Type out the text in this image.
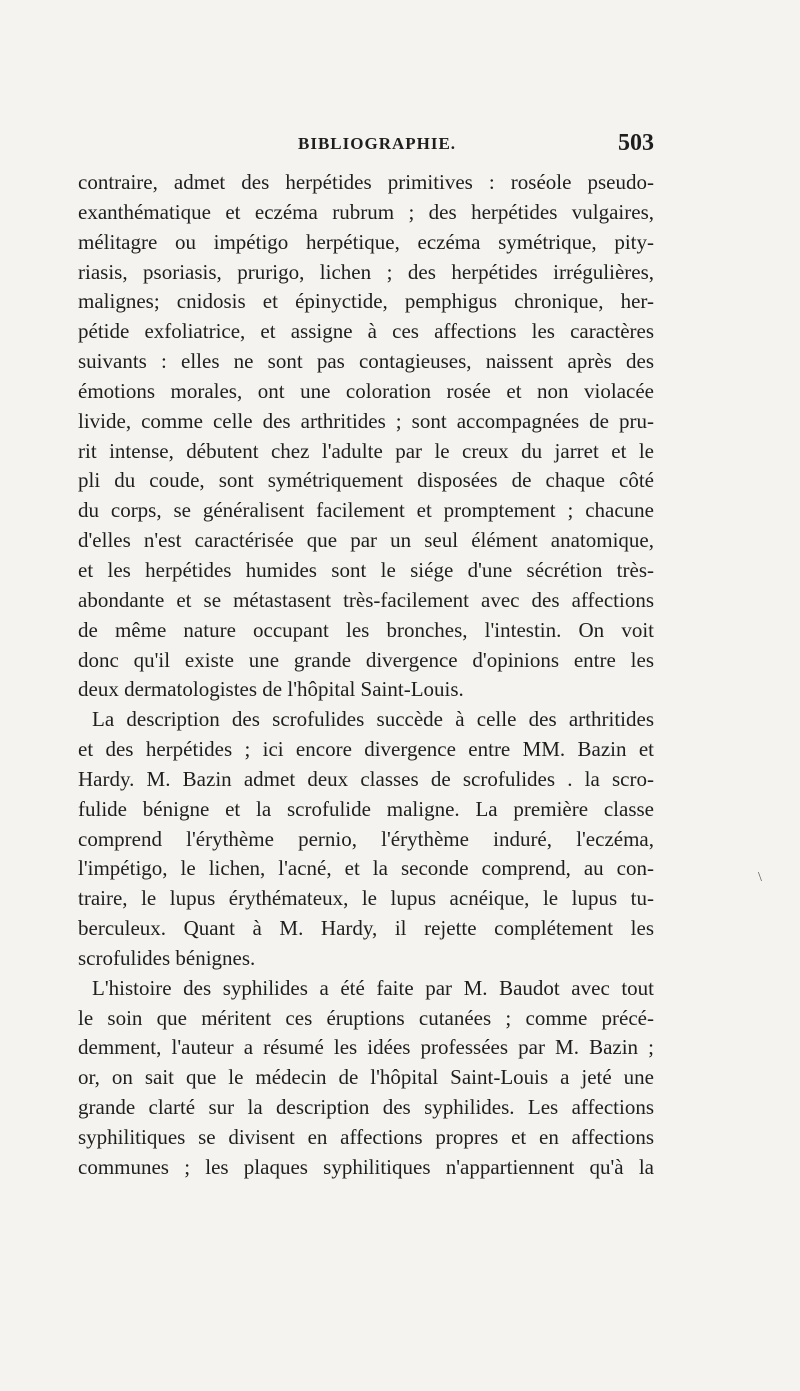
BIBLIOGRAPHIE.	503
contraire, admet des herpétides primitives : roséole pseudo-
exanthématique et eczéma rubrum ; des herpétides vulgaires,
mélitagre ou impétigo herpétique, eczéma symétrique, pity-
riasis, psoriasis, prurigo, lichen ; des herpétides irrégulières,
malignes; cnidosis et épinyctide, pemphigus chronique, her-
pétide exfoliatrice, et assigne à ces affections les caractères
suivants : elles ne sont pas contagieuses, naissent après des
émotions morales, ont une coloration rosée et non violacée
livide, comme celle des arthritides ; sont accompagnées de pru-
rit intense, débutent chez l'adulte par le creux du jarret et le
pli du coude, sont symétriquement disposées de chaque côté
du corps, se généralisent facilement et promptement ; chacune
d'elles n'est caractérisée que par un seul élément anatomique,
et les herpétides humides sont le siége d'une sécrétion très-
abondante et se métastasent très-facilement avec des affections
de même nature occupant les bronches, l'intestin. On voit
donc qu'il existe une grande divergence d'opinions entre les
deux dermatologistes de l'hôpital Saint-Louis.
La description des scrofulides succède à celle des arthritides
et des herpétides ; ici encore divergence entre MM. Bazin et
Hardy. M. Bazin admet deux classes de scrofulides . la scro-
fulide bénigne et la scrofulide maligne. La première classe
comprend l'érythème pernio, l'érythème induré, l'eczéma,
l'impétigo, le lichen, l'acné, et la seconde comprend, au con-
traire, le lupus érythémateux, le lupus acnéique, le lupus tu-
berculeux. Quant à M. Hardy, il rejette complétement les
scrofulides bénignes.
L'histoire des syphilides a été faite par M. Baudot avec tout
le soin que méritent ces éruptions cutanées ; comme précé-
demment, l'auteur a résumé les idées professées par M. Bazin ;
or, on sait que le médecin de l'hôpital Saint-Louis a jeté une
grande clarté sur la description des syphilides. Les affections
syphilitiques se divisent en affections propres et en affections
communes ; les plaques syphilitiques n'appartiennent qu'à la
\
